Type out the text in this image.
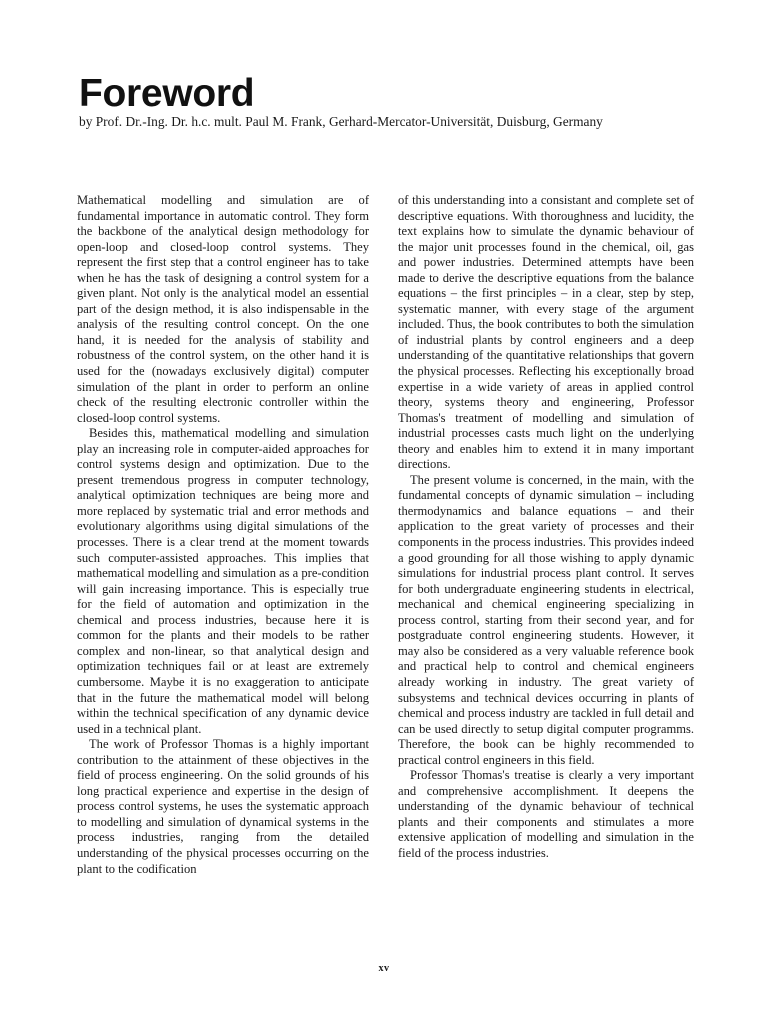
Foreword

by Prof. Dr.-Ing. Dr. h.c. mult. Paul M. Frank, Gerhard-Mercator-Universität, Duisburg, Germany

Mathematical modelling and simulation are of fundamental importance in automatic control. They form the backbone of the analytical design methodology for open-loop and closed-loop control systems. They represent the first step that a control engineer has to take when he has the task of designing a control system for a given plant. Not only is the analytical model an essential part of the design method, it is also indispensable in the analysis of the resulting control concept. On the one hand, it is needed for the analysis of stability and robustness of the control system, on the other hand it is used for the (nowadays exclusively digital) computer simulation of the plant in order to perform an online check of the resulting electronic controller within the closed-loop control systems.

Besides this, mathematical modelling and simulation play an increasing role in computer-aided approaches for control systems design and optimization. Due to the present tremendous progress in computer technology, analytical optimization techniques are being more and more replaced by systematic trial and error methods and evolutionary algorithms using digital simulations of the processes. There is a clear trend at the moment towards such computer-assisted approaches. This implies that mathematical modelling and simulation as a pre-condition will gain increasing importance. This is especially true for the field of automation and optimization in the chemical and process industries, because here it is common for the plants and their models to be rather complex and non-linear, so that analytical design and optimization techniques fail or at least are extremely cumbersome. Maybe it is no exaggeration to anticipate that in the future the mathematical model will belong within the technical specification of any dynamic device used in a technical plant.

The work of Professor Thomas is a highly important contribution to the attainment of these objectives in the field of process engineering. On the solid grounds of his long practical experience and expertise in the design of process control systems, he uses the systematic approach to modelling and simulation of dynamical systems in the process industries, ranging from the detailed understanding of the physical processes occurring on the plant to the codification

of this understanding into a consistant and complete set of descriptive equations. With thoroughness and lucidity, the text explains how to simulate the dynamic behaviour of the major unit processes found in the chemical, oil, gas and power industries. Determined attempts have been made to derive the descriptive equations from the balance equations – the first principles – in a clear, step by step, systematic manner, with every stage of the argument included. Thus, the book contributes to both the simulation of industrial plants by control engineers and a deep understanding of the quantitative relationships that govern the physical processes. Reflecting his exceptionally broad expertise in a wide variety of areas in applied control theory, systems theory and engineering, Professor Thomas's treatment of modelling and simulation of industrial processes casts much light on the underlying theory and enables him to extend it in many important directions.

The present volume is concerned, in the main, with the fundamental concepts of dynamic simulation – including thermodynamics and balance equations – and their application to the great variety of processes and their components in the process industries. This provides indeed a good grounding for all those wishing to apply dynamic simulations for industrial process plant control. It serves for both undergraduate engineering students in electrical, mechanical and chemical engineering specializing in process control, starting from their second year, and for postgraduate control engineering students. However, it may also be considered as a very valuable reference book and practical help to control and chemical engineers already working in industry. The great variety of subsystems and technical devices occurring in plants of chemical and process industry are tackled in full detail and can be used directly to setup digital computer programms. Therefore, the book can be highly recommended to practical control engineers in this field.

Professor Thomas's treatise is clearly a very important and comprehensive accomplishment. It deepens the understanding of the dynamic behaviour of technical plants and their components and stimulates a more extensive application of modelling and simulation in the field of the process industries.

xv
